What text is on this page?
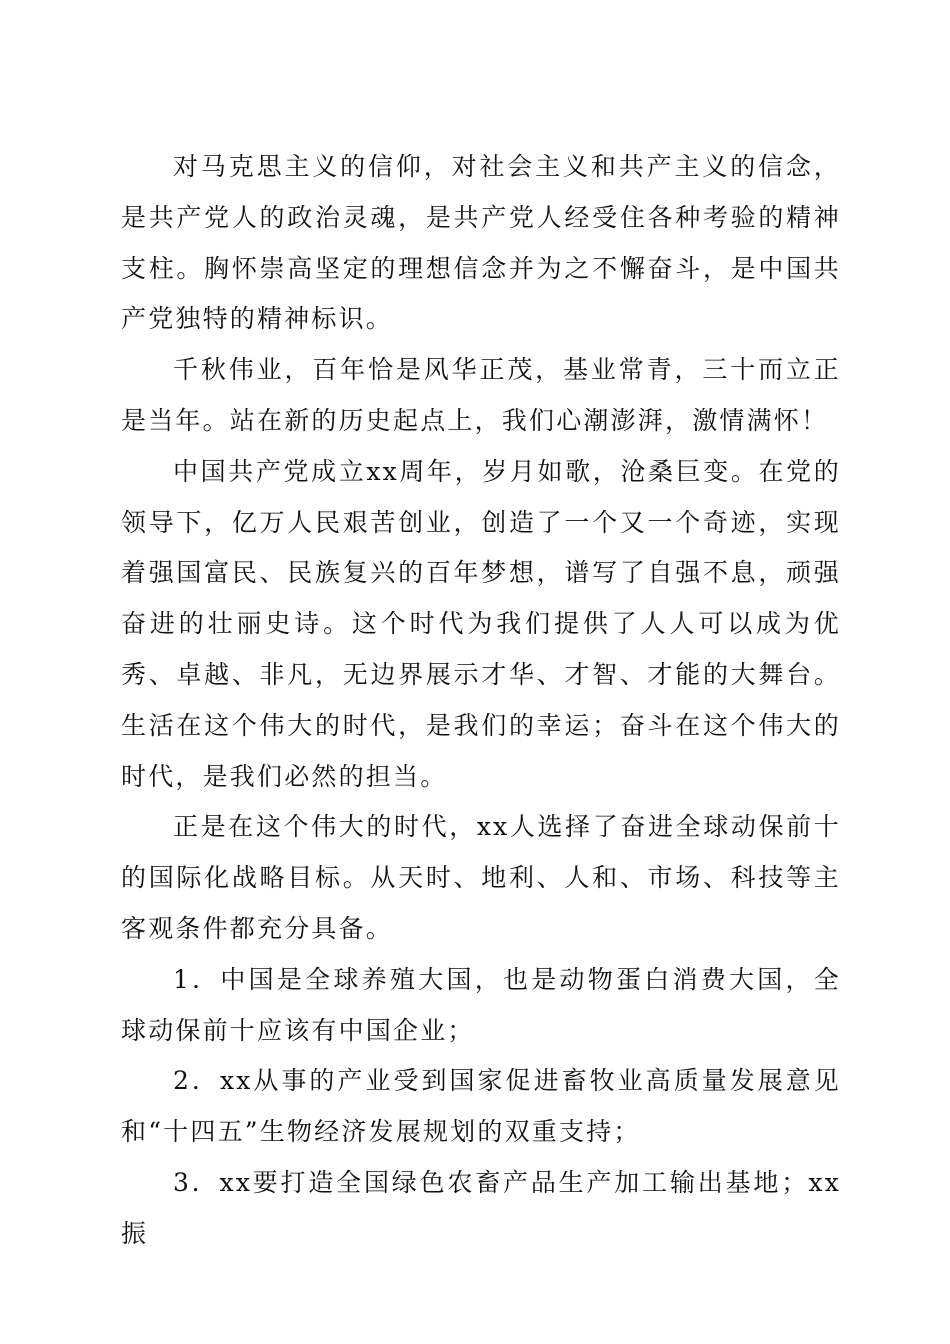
对马克思主义的信仰，对社会主义和共产主义的信念，是共产党人的政治灵魂，是共产党人经受住各种考验的精神支柱。胸怀崇高坚定的理想信念并为之不懈奋斗，是中国共产党独特的精神标识。

千秋伟业，百年恰是风华正茂，基业常青，三十而立正是当年。站在新的历史起点上，我们心潮澎湃，激情满怀！

中国共产党成立xx周年，岁月如歌，沧桑巨变。在党的领导下，亿万人民艰苦创业，创造了一个又一个奇迹，实现着强国富民、民族复兴的百年梦想，谱写了自强不息，顽强奋进的壮丽史诗。这个时代为我们提供了人人可以成为优秀、卓越、非凡，无边界展示才华、才智、才能的大舞台。生活在这个伟大的时代，是我们的幸运；奋斗在这个伟大的时代，是我们必然的担当。

正是在这个伟大的时代，xx人选择了奋进全球动保前十的国际化战略目标。从天时、地利、人和、市场、科技等主客观条件都充分具备。

1．中国是全球养殖大国，也是动物蛋白消费大国，全球动保前十应该有中国企业；

2．xx从事的产业受到国家促进畜牧业高质量发展意见和“十四五”生物经济发展规划的双重支持；

3．xx要打造全国绿色农畜产品生产加工输出基地；xx振
